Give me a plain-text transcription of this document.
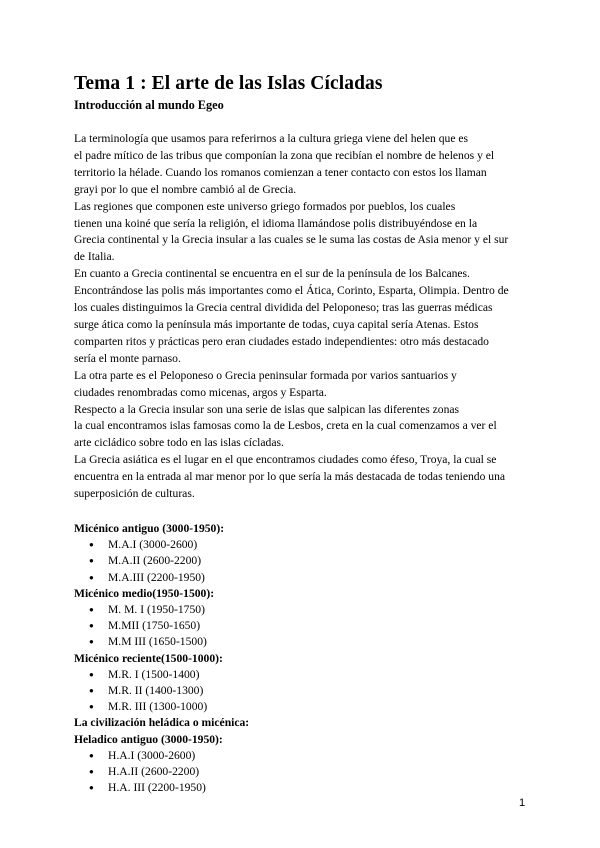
Tema 1 : El arte de las Islas Cícladas
Introducción al mundo Egeo
La terminología que usamos para referirnos a la cultura griega viene del helen que es
el padre mítico de las tribus que componían la zona que recibían el nombre de helenos y el
territorio la hélade. Cuando los romanos comienzan a tener contacto con estos los llaman
grayi por lo que el nombre cambió al de Grecia.
Las regiones que componen este universo griego formados por pueblos, los cuales
tienen una koiné que sería la religión, el idioma llamándose polis distribuyéndose en la
Grecia continental y la Grecia insular a las cuales se le suma las costas de Asia menor y el sur
de Italia.
En cuanto a Grecia continental se encuentra en el sur de la península de los Balcanes.
Encontrándose las polis más importantes como el Ática, Corinto, Esparta, Olimpia. Dentro de
los cuales distinguimos la Grecia central dividida del Peloponeso; tras las guerras médicas
surge ática como la península más importante de todas, cuya capital sería Atenas. Estos
comparten ritos y prácticas pero eran ciudades estado independientes: otro más destacado
sería el monte parnaso.
La otra parte es el Peloponeso o Grecia peninsular formada por varios santuarios y
ciudades renombradas como micenas, argos y Esparta.
Respecto a la Grecia insular son una serie de islas que salpican las diferentes zonas
la cual encontramos islas famosas como la de Lesbos, creta en la cual comenzamos a ver el
arte cicládico sobre todo en las islas cícladas.
La Grecia asiática es el lugar en el que encontramos ciudades como éfeso, Troya, la cual se
encuentra en la entrada al mar menor por lo que sería la más destacada de todas teniendo una
superposición de culturas.
Micénico antiguo (3000-1950):
● M.A.I (3000-2600)
● M.A.II (2600-2200)
● M.A.III (2200-1950)
Micénico medio(1950-1500):
● M. M. I (1950-1750)
● M.MII (1750-1650)
● M.M III (1650-1500)
Micénico reciente(1500-1000):
● M.R. I (1500-1400)
● M.R. II (1400-1300)
● M.R. III (1300-1000)
La civilización heládica o micénica:
Heladico antiguo (3000-1950):
● H.A.I (3000-2600)
● H.A.II (2600-2200)
● H.A. III (2200-1950)
1
